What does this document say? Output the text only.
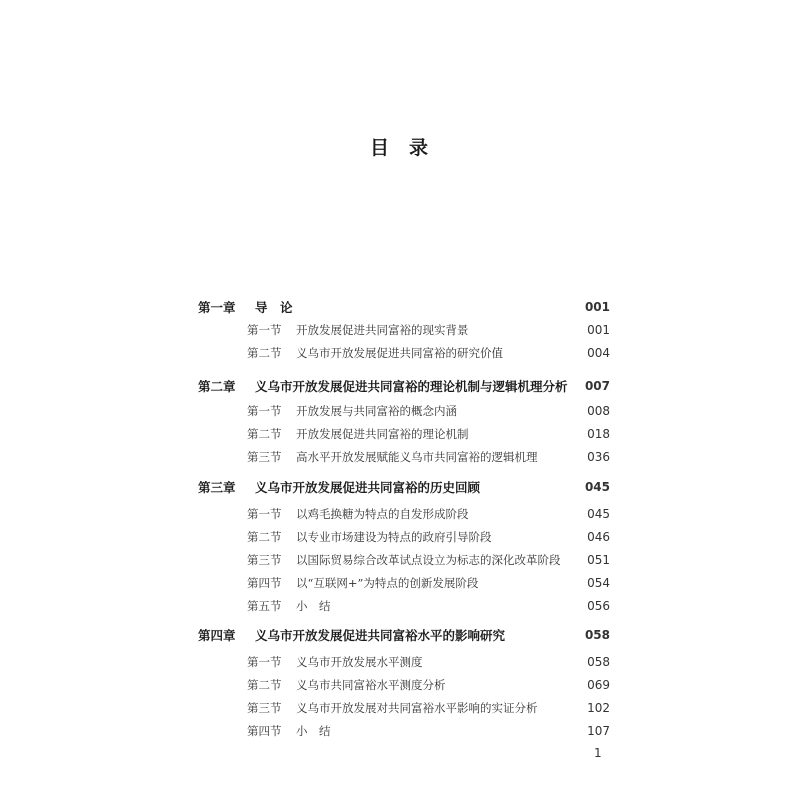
目 录
第一章	导　论	001
第一节	开放发展促进共同富裕的现实背景	001
第二节	义乌市开放发展促进共同富裕的研究价值	004
第二章	义乌市开放发展促进共同富裕的理论机制与逻辑机理分析 007
第一节	开放发展与共同富裕的概念内涵	008
第二节	开放发展促进共同富裕的理论机制	018
第三节	高水平开放发展赋能义乌市共同富裕的逻辑机理	036
第三章	义乌市开放发展促进共同富裕的历史回顾	045
第一节	以鸡毛换糖为特点的自发形成阶段	045
第二节	以专业市场建设为特点的政府引导阶段	046
第三节	以国际贸易综合改革试点设立为标志的深化改革阶段 051
第四节	以“互联网+”为特点的创新发展阶段	054
第五节	小　结	056
第四章	义乌市开放发展促进共同富裕水平的影响研究	058
第一节	义乌市开放发展水平测度	058
第二节	义乌市共同富裕水平测度分析	069
第三节	义乌市开放发展对共同富裕水平影响的实证分析	102
第四节	小　结	107
1
